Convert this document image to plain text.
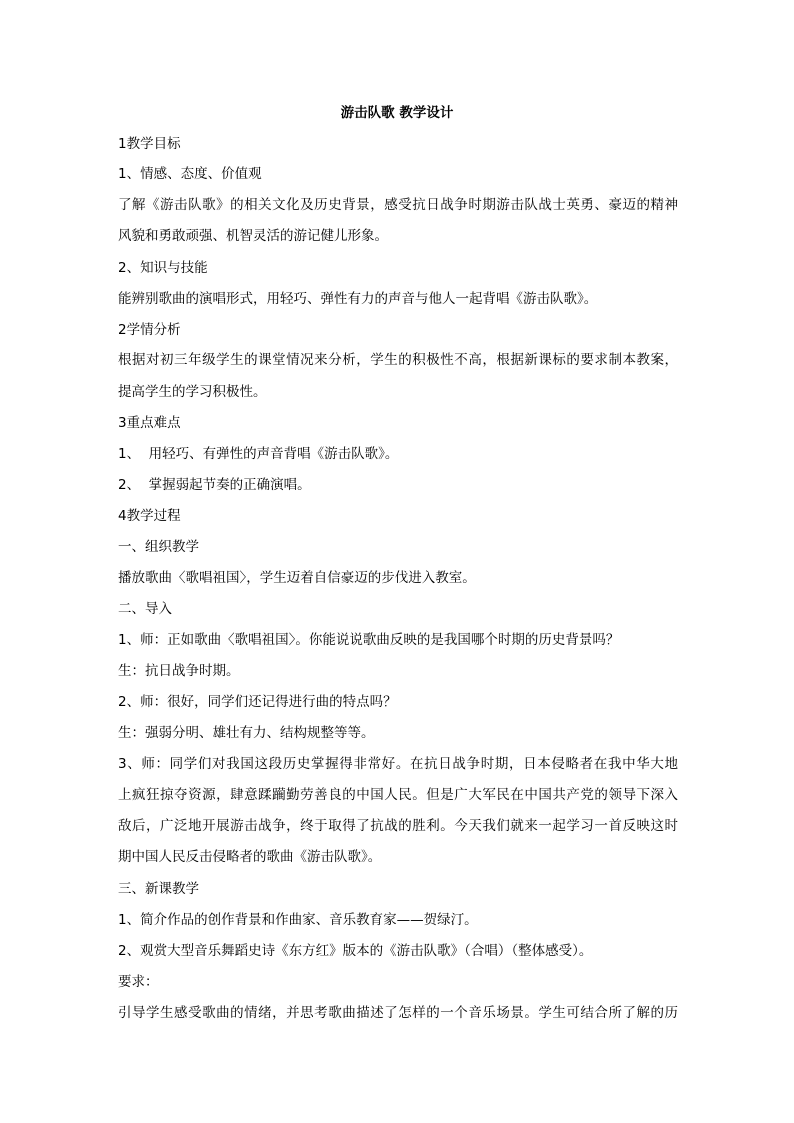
游击队歌 教学设计
1教学目标
1、情感、态度、价值观
了解《游击队歌》的相关文化及历史背景，感受抗日战争时期游击队战士英勇、豪迈的精神
风貌和勇敢顽强、机智灵活的游记健儿形象。
2、知识与技能
能辨别歌曲的演唱形式，用轻巧、弹性有力的声音与他人一起背唱《游击队歌》。
2学情分析
根据对初三年级学生的课堂情况来分析，学生的积极性不高，根据新课标的要求制本教案，
提高学生的学习积极性。
3重点难点
1、  用轻巧、有弹性的声音背唱《游击队歌》。
2、  掌握弱起节奏的正确演唱。
4教学过程
一、组织教学
播放歌曲〈歌唱祖国〉，学生迈着自信豪迈的步伐进入教室。
二、导入
1、师：正如歌曲〈歌唱祖国〉。你能说说歌曲反映的是我国哪个时期的历史背景吗？
生：抗日战争时期。
2、师：很好，同学们还记得进行曲的特点吗？
生：强弱分明、雄壮有力、结构规整等等。
3、师：同学们对我国这段历史掌握得非常好。在抗日战争时期，日本侵略者在我中华大地
上疯狂掠夺资源，肆意蹂躏勤劳善良的中国人民。但是广大军民在中国共产党的领导下深入
敌后，广泛地开展游击战争，终于取得了抗战的胜利。今天我们就来一起学习一首反映这时
期中国人民反击侵略者的歌曲《游击队歌》。
三、新课教学
1、简介作品的创作背景和作曲家、音乐教育家——贺绿汀。
2、观赏大型音乐舞蹈史诗《东方红》版本的《游击队歌》（合唱）（整体感受）。
要求：
引导学生感受歌曲的情绪，并思考歌曲描述了怎样的一个音乐场景。学生可结合所了解的历
